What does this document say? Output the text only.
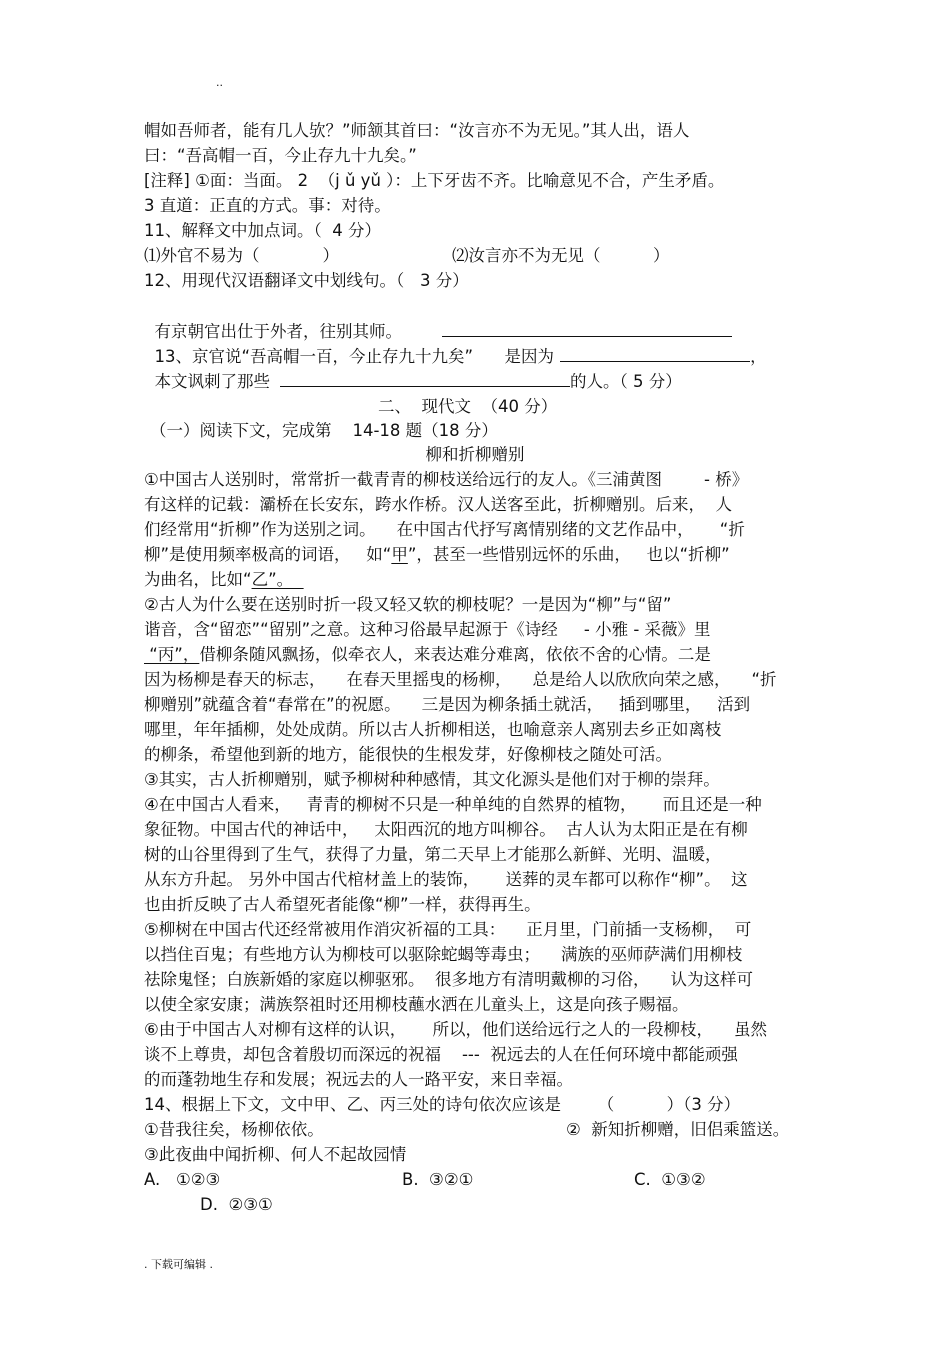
..
帽如吾师者，能有几人欤？”师颔其首曰：“汝言亦不为无见。”其人出，语人
曰：“吾高帽一百，今止存九十九矣。”
[注释] ①面：当面。 2  （j ǔ yǔ ）：上下牙齿不齐。比喻意见不合，产生矛盾。
3 直道：正直的方式。事：对待。
11、解释文中加点词。（  4 分）
⑴外官不易为（            ）	⑵汝言亦不为无见（          ）
12、用现代汉语翻译文中划线句。（   3 分）

有京朝官出仕于外者，往别其师。

13、京官说“吾高帽一百，今止存九十九矣”      是因为	，

本文讽刺了那些	的人。（ 5 分）

二、  现代文  （40 分）
（一）阅读下文，完成第    14-18 题（18 分）
柳和折柳赠别
①中国古人送别时，常常折一截青青的柳枝送给远行的友人。《三浦黄图        - 桥》
有这样的记载：灞桥在长安东，跨水作桥。汉人送客至此，折柳赠别。后来，  人
们经常用“折柳”作为送别之词。    在中国古代抒写离情别绪的文艺作品中，     “折
柳”是使用频率极高的词语，   如“甲”，甚至一些惜别远怀的乐曲，   也以“折柳”
为曲名，比如“乙”。
②古人为什么要在送别时折一段又轻又软的柳枝呢？一是因为“柳”与“留”
谐音，含“留恋”“留别”之意。这种习俗最早起源于《诗经     - 小雅 - 采薇》里
“丙”，借柳条随风飘扬，似牵衣人，来表达难分难离，依依不舍的心情。二是
因为杨柳是春天的标志，    在春天里摇曳的杨柳，    总是给人以欣欣向荣之感，    “折
柳赠别”就蕴含着“春常在”的祝愿。    三是因为柳条插土就活，   插到哪里，   活到
哪里，年年插柳，处处成荫。所以古人折柳相送，也喻意亲人离别去乡正如离枝
的柳条，希望他到新的地方，能很快的生根发芽，好像柳枝之随处可活。
③其实，古人折柳赠别，赋予柳树种种感情，其文化源头是他们对于柳的崇拜。
④在中国古人看来，   青青的柳树不只是一种单纯的自然界的植物，     而且还是一种
象征物。中国古代的神话中，   太阳西沉的地方叫柳谷。  古人认为太阳正是在有柳
树的山谷里得到了生气，获得了力量，第二天早上才能那么新鲜、光明、温暖，
从东方升起。 另外中国古代棺材盖上的装饰，     送葬的灵车都可以称作“柳”。  这
也由折反映了古人希望死者能像“柳”一样，获得再生。
⑤柳树在中国古代还经常被用作消灾祈福的工具：    正月里，门前插一支杨柳，  可
以挡住百鬼；有些地方认为柳枝可以驱除蛇蝎等毒虫；    满族的巫师萨满们用柳枝
祛除鬼怪；白族新婚的家庭以柳驱邪。  很多地方有清明戴柳的习俗，    认为这样可
以使全家安康；满族祭祖时还用柳枝蘸水洒在儿童头上，这是向孩子赐福。
⑥由于中国古人对柳有这样的认识，     所以，他们送给远行之人的一段柳枝，    虽然
谈不上尊贵，却包含着殷切而深远的祝福    ---  祝远去的人在任何环境中都能顽强
的而蓬勃地生存和发展；祝远去的人一路平安，来日幸福。
14、根据上下文，文中甲、乙、丙三处的诗句依次应该是       （          ）（3 分）
①昔我往矣，杨柳依依。	②  新知折柳赠，旧侣乘篮送。
③此夜曲中闻折柳、何人不起故园情
A.   ①②③	B.  ③②①	C.  ①③②
D.  ②③①
. 下载可编辑 .
